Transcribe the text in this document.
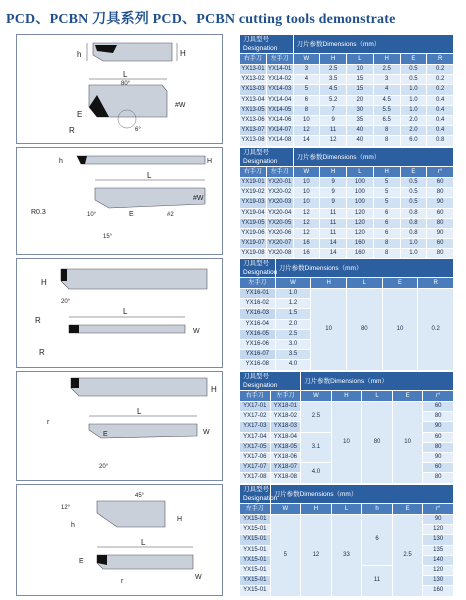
PCD、PCBN 刀具系列 PCD、PCBN cutting tools demonstrate
h	H
L
80°
#W
E
R	6°
h	H
L
#W
R0.3	10°
15°
E	#2
H
20°
L
W
R
R
H
r
L
E	W
20°
45°
12°
h
H
L
E
r
W
刀具型号Designation		刀片参数Dimensions（mm）					
右手刀	左手刀	W	H	L	H	E	R
YX13-01	YX14-01	3	2.5	10	2.5	0.5	0.2
YX13-02	YX14-02	4	3.5	15	3	0.5	0.2
YX13-03	YX14-03	5	4.5	15	4	1.0	0.2
YX13-04	YX14-04	6	5.2	20	4.5	1.0	0.4
YX13-05	YX14-05	8	7	30	5.5	1.0	0.4
YX13-06	YX14-06	10	9	35	6.5	2.0	0.4
YX13-07	YX14-07	12	11	40	8	2.0	0.4
YX13-08	YX14-08	14	12	40	8	6.0	0.8
刀具型号Designation		刀片参数Dimensions（mm）					
右手刀	左手刀	W	H	L	H	E	r°
YX19-01	YX20-01	10	9	100	5	0.5	60
YX19-02	YX20-02	10	9	100	5	0.5	80
YX19-03	YX20-03	10	9	100	5	0.5	90
YX19-04	YX20-04	12	11	120	6	0.8	60
YX19-05	YX20-05	12	11	120	6	0.8	80
YX19-06	YX20-06	12	11	120	6	0.8	90
YX19-07	YX20-07	16	14	160	8	1.0	60
YX19-08	YX20-08	16	14	160	8	1.0	80
刀具型号Designation	刀片参数Dimensions（mm）				
左手刀	W	H	L	E	R
YX16-01	1.0	10	80	10	0.2
YX16-02	1.2				
YX16-03	1.5				
YX16-04	2.0				
YX16-05	2.5				
YX16-06	3.0				
YX16-07	3.5				
YX16-08	4.0				
刀具型号Designation		刀片参数Dimensions（mm）				
右手刀	左手刀	W	H	L	E	r°
YX17-01	YX18-01	2.5	10	80	10	60
YX17-02	YX18-02					80
YX17-03	YX18-03					90
YX17-04	YX18-04	3.1				60
YX17-05	YX18-05					80
YX17-06	YX18-06					90
YX17-07	YX18-07	4.0				60
YX17-08	YX18-08					80
刀具型号Designation	刀片参数Dimensions（mm）					
左手刀	W	H	L	h	E	r°
YX15-01	5	12	33	6	2.5	90
YX15-01						120
YX15-01						130
YX15-01						135
YX15-01						140
YX15-01				11		120
YX15-01						130
YX15-01						160
